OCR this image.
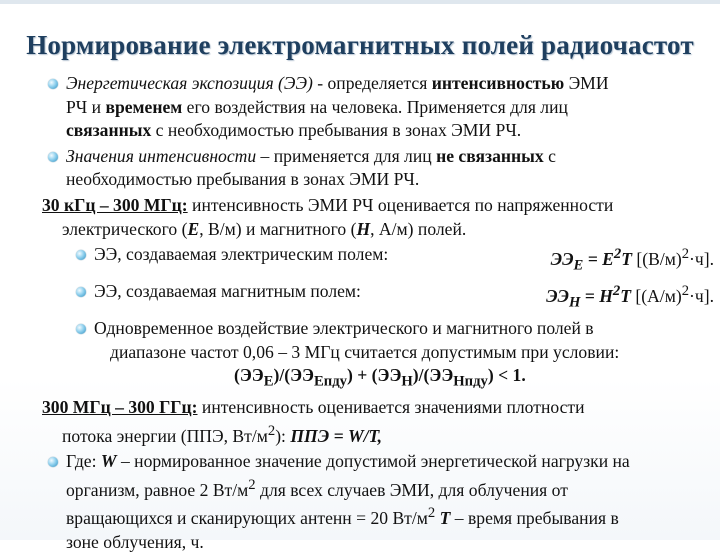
Нормирование электромагнитных полей радиочастот
Энергетическая экспозиция (ЭЭ) - определяется интенсивностью ЭМИ
РЧ и временем его воздействия на человека. Применяется для лиц
связанных с необходимостью пребывания в зонах ЭМИ РЧ.
Значения интенсивности – применяется для лиц не связанных с
необходимостью пребывания в зонах ЭМИ РЧ.
30 кГц – 300 МГц: интенсивность ЭМИ РЧ оценивается по напряженности
электрического (E, В/м) и магнитного (H, А/м) полей.
ЭЭ, создаваемая электрическим полем:	$ЭЭ_E = E^2T$ $[(В/м)^2\cdot ч]$.
ЭЭ, создаваемая магнитным полем:	$ЭЭ_H = H^2T$ $[(А/м)^2\cdot ч]$.
Одновременное воздействие электрического и магнитного полей в
диапазоне частот 0,06 – 3 МГц считается допустимым при условии:
$(ЭЭ_E)/(ЭЭ_{Eпду}) + (ЭЭ_H)/(ЭЭ_{Hпду}) < 1$.
300 МГц – 300 ГГц: интенсивность оценивается значениями плотности
потока энергии (ППЭ, $Вт/м^2$): ППЭ = W/T,
Где: W – нормированное значение допустимой энергетической нагрузки на
организм, равное 2 $Вт/м^2$ для всех случаев ЭМИ, для облучения от
вращающихся и сканирующих антенн = 20 $Вт/м^2$ T – время пребывания в
зоне облучения, ч.
